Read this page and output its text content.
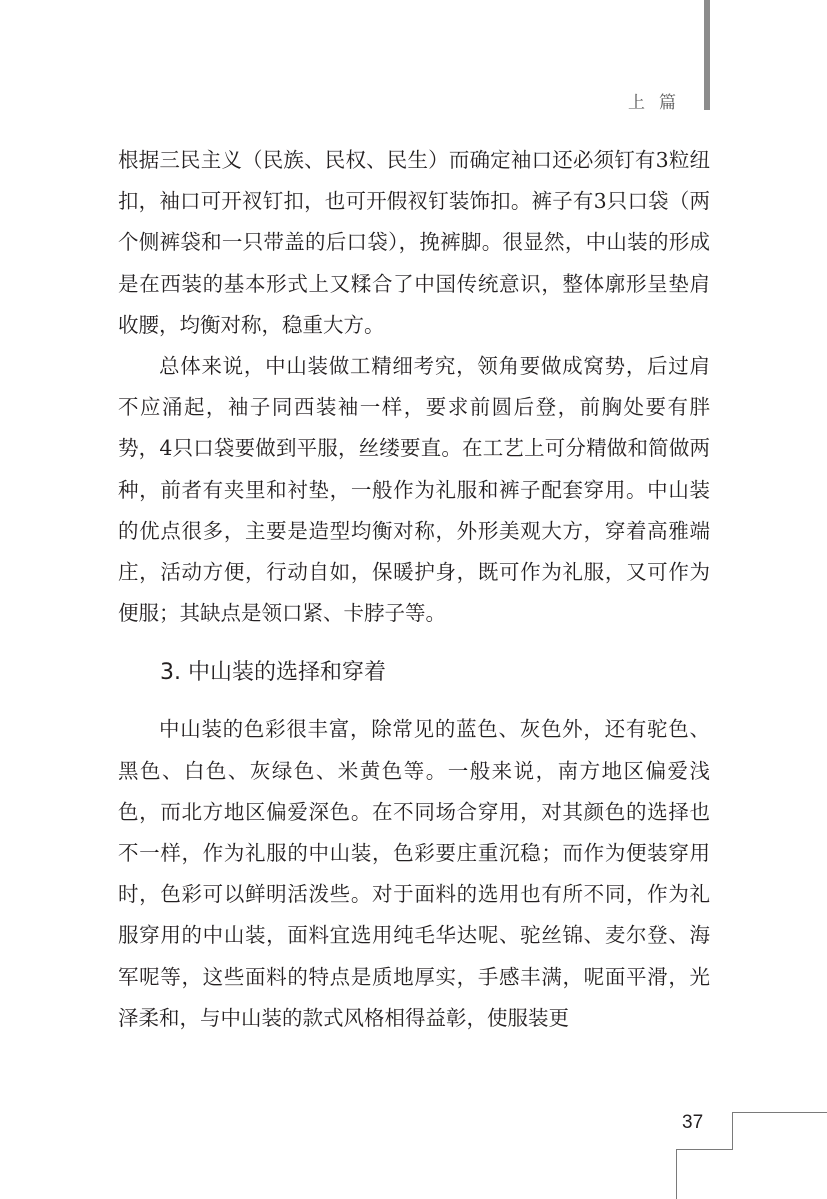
上篇

根据三民主义（民族、民权、民生）而确定袖口还必须钉有3粒纽扣，袖口可开衩钉扣，也可开假衩钉装饰扣。裤子有3只口袋（两个侧裤袋和一只带盖的后口袋），挽裤脚。很显然，中山装的形成是在西装的基本形式上又糅合了中国传统意识，整体廓形呈垫肩收腰，均衡对称，稳重大方。

总体来说，中山装做工精细考究，领角要做成窝势，后过肩不应涌起，袖子同西装袖一样，要求前圆后登，前胸处要有胖势，4只口袋要做到平服，丝缕要直。在工艺上可分精做和简做两种，前者有夹里和衬垫，一般作为礼服和裤子配套穿用。中山装的优点很多，主要是造型均衡对称，外形美观大方，穿着高雅端庄，活动方便，行动自如，保暖护身，既可作为礼服，又可作为便服；其缺点是领口紧、卡脖子等。

3. 中山装的选择和穿着

中山装的色彩很丰富，除常见的蓝色、灰色外，还有驼色、黑色、白色、灰绿色、米黄色等。一般来说，南方地区偏爱浅色，而北方地区偏爱深色。在不同场合穿用，对其颜色的选择也不一样，作为礼服的中山装，色彩要庄重沉稳；而作为便装穿用时，色彩可以鲜明活泼些。对于面料的选用也有所不同，作为礼服穿用的中山装，面料宜选用纯毛华达呢、驼丝锦、麦尔登、海军呢等，这些面料的特点是质地厚实，手感丰满，呢面平滑，光泽柔和，与中山装的款式风格相得益彰，使服装更

37
